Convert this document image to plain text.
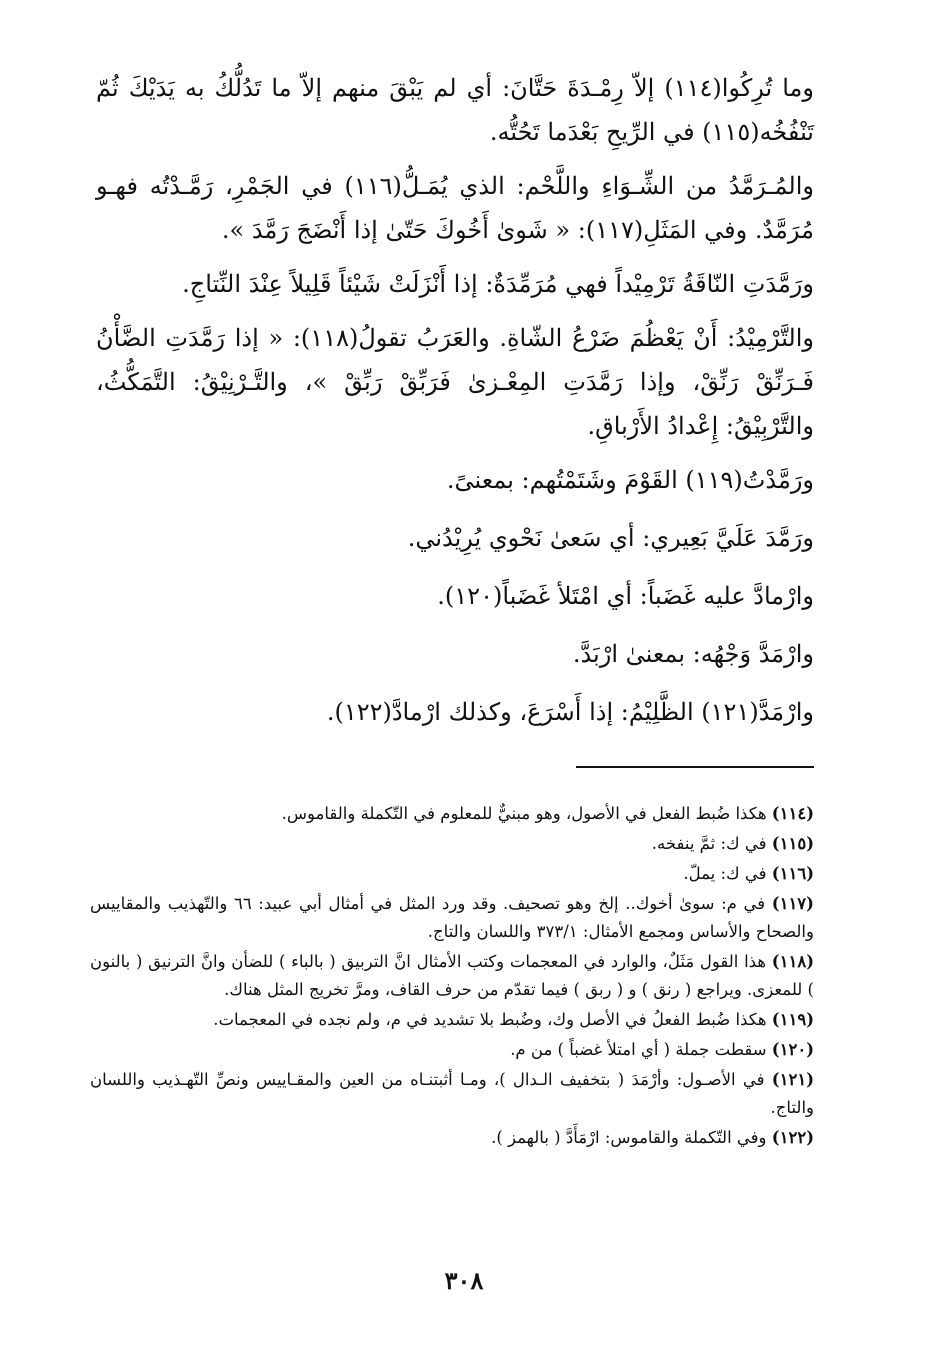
وما تُرِكُوا(١١٤) إلاّ رِمْـدَةَ حَتَّانَ: أي لم يَبْقَ منهم إلاّ ما تَدُلُّكُ به يَدَيْكَ ثُمّ تَنْفُخُه(١١٥) في الرِّيحِ بَعْدَما تَحُتُّه.

والمُـرَمَّدُ من الشِّـوَاءِ واللَّحْم: الذي يُمَـلُّ(١١٦) في الجَمْرِ، رَمَّـدْتُه فهـو مُرَمَّدٌ. وفي المَثَلِ(١١٧): « شَوىٰ أَخُوكَ حَتّىٰ إذا أَنْضَجَ رَمَّدَ ».

ورَمَّدَتِ النّاقَةُ تَرْمِيْداً فهي مُرَمِّدَةٌ: إذا أَنْزَلَتْ شَيْئاً قَلِيلاً عِنْدَ النِّتاجِ.

والتَّرْمِيْدُ: أَنْ يَعْظُمَ ضَرْعُ الشّاةِ. والعَرَبُ تقولُ(١١٨): « إذا رَمَّدَتِ الضَّأْنُ فَـرَنِّقْ رَنِّقْ، وإذا رَمَّدَتِ المِعْـزىٰ فَرَبِّقْ رَبِّقْ »، والتَّـرْنِيْقُ: التَّمَكُّثُ، والتَّرْبِيْقُ: إِعْدادُ الأَرْباقِ.

ورَمَّدْتُ(١١٩) القَوْمَ وشَتَمْتُهم: بمعنىً.

ورَمَّدَ عَلَيَّ بَعِيري: أي سَعىٰ نَحْوي يُرِيْدُني.

وارْمادَّ عليه غَضَباً: أي امْتَلأ غَضَباً(١٢٠).

وارْمَدَّ وَجْهُه: بمعنىٰ ارْبَدَّ.

وارْمَدَّ(١٢١) الظَّلِيْمُ: إذا أَسْرَعَ، وكذلك ارْمادَّ(١٢٢).

(١١٤) هكذا ضُبط الفعل في الأصول، وهو مبنيٌّ للمعلوم في التّكملة والقاموس.

(١١٥) في ك: ثمَّ ينفخه.

(١١٦) في ك: يملّ.

(١١٧) في م: سوىٰ أخوك.. إلخ وهو تصحيف. وقد ورد المثل في أمثال أبي عبيد: ٦٦ والتّهذيب والمقاييس والصحاح والأساس ومجمع الأمثال: ٣٧٣/١ واللسان والتاج.

(١١٨) هذا القول مَثَلٌ، والوارد في المعجمات وكتب الأمثال انَّ التربيق ( بالباء ) للضأن وانَّ الترنيق ( بالنون ) للمعزى. ويراجع ( رنق ) و ( ربق ) فيما تقدّم من حرف القاف، ومرَّ تخريج المثل هناك.

(١١٩) هكذا ضُبط الفعلُ في الأصل وك، وضُبط بلا تشديد في م، ولم نجده في المعجمات.

(١٢٠) سقطت جملة ( أي امتلأ غضباً ) من م.

(١٢١) في الأصـول: وأرْمَدَ ( بتخفيف الـدال )، ومـا أثبتنـاه من العين والمقـاييس ونصِّ التّهـذيب واللسان والتاج.

(١٢٢) وفي التّكملة والقاموس: ارْمَأَدَّ ( بالهمز ).

٣٠٨
